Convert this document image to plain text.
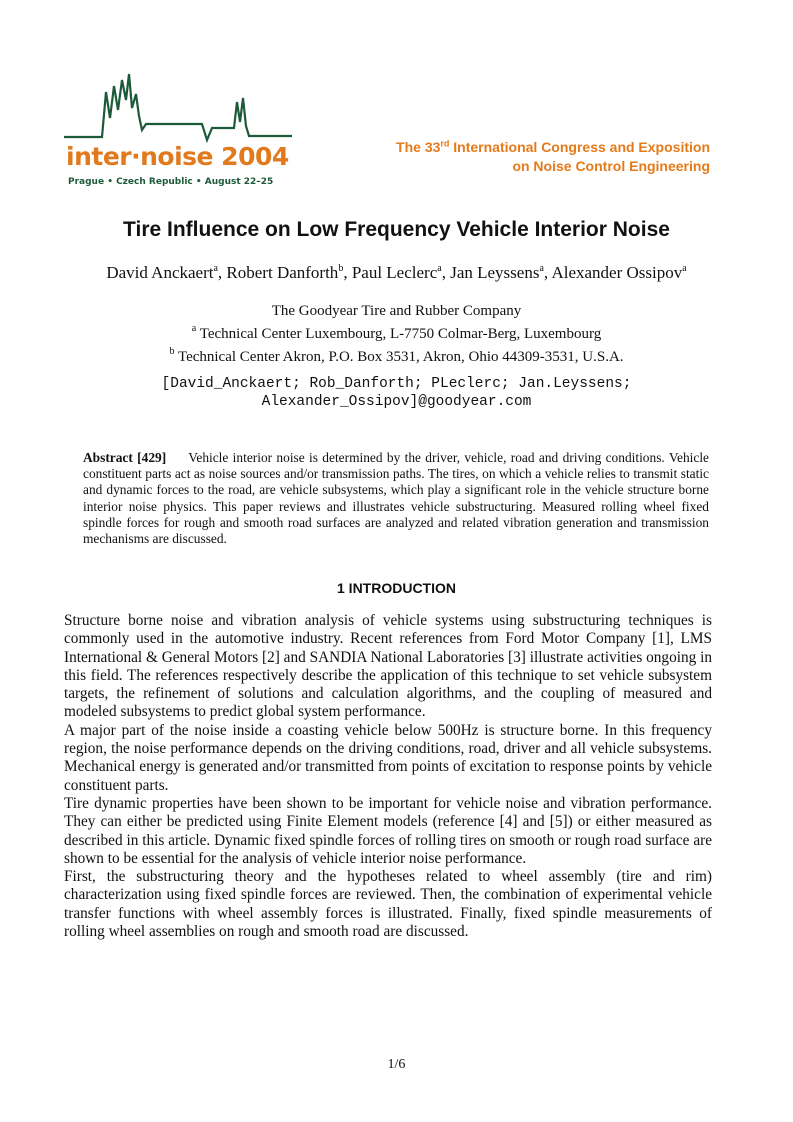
inter·noise 2004
Prague • Czech Republic • August 22–25
The 33rd International Congress and Exposition
on Noise Control Engineering
Tire Influence on Low Frequency Vehicle Interior Noise
David Anckaert$^a$, Robert Danforth$^b$, Paul Leclerc$^a$, Jan Leyssens$^a$, Alexander Ossipov$^a$
The Goodyear Tire and Rubber Company
$^a$ Technical Center Luxembourg, L-7750 Colmar-Berg, Luxembourg
$^b$ Technical Center Akron, P.O. Box 3531, Akron, Ohio 44309-3531, U.S.A.
[David_Anckaert; Rob_Danforth; PLeclerc; Jan.Leyssens;
Alexander_Ossipov]@goodyear.com
Abstract [429] Vehicle interior noise is determined by the driver, vehicle, road and driving conditions. Vehicle constituent parts act as noise sources and/or transmission paths. The tires, on which a vehicle relies to transmit static and dynamic forces to the road, are vehicle subsystems, which play a significant role in the vehicle structure borne interior noise physics. This paper reviews and illustrates vehicle substructuring. Measured rolling wheel fixed spindle forces for rough and smooth road surfaces are analyzed and related vibration generation and transmission mechanisms are discussed.
1 INTRODUCTION

Structure borne noise and vibration analysis of vehicle systems using substructuring techniques is commonly used in the automotive industry. Recent references from Ford Motor Company [1], LMS International & General Motors [2] and SANDIA National Laboratories [3] illustrate activities ongoing in this field. The references respectively describe the application of this technique to set vehicle subsystem targets, the refinement of solutions and calculation algorithms, and the coupling of measured and modeled subsystems to predict global system performance.

A major part of the noise inside a coasting vehicle below 500Hz is structure borne. In this frequency region, the noise performance depends on the driving conditions, road, driver and all vehicle subsystems. Mechanical energy is generated and/or transmitted from points of excitation to response points by vehicle constituent parts.

Tire dynamic properties have been shown to be important for vehicle noise and vibration performance. They can either be predicted using Finite Element models (reference [4] and [5]) or either measured as described in this article. Dynamic fixed spindle forces of rolling tires on smooth or rough road surface are shown to be essential for the analysis of vehicle interior noise performance.

First, the substructuring theory and the hypotheses related to wheel assembly (tire and rim) characterization using fixed spindle forces are reviewed. Then, the combination of experimental vehicle transfer functions with wheel assembly forces is illustrated. Finally, fixed spindle measurements of rolling wheel assemblies on rough and smooth road are discussed.

1/6
